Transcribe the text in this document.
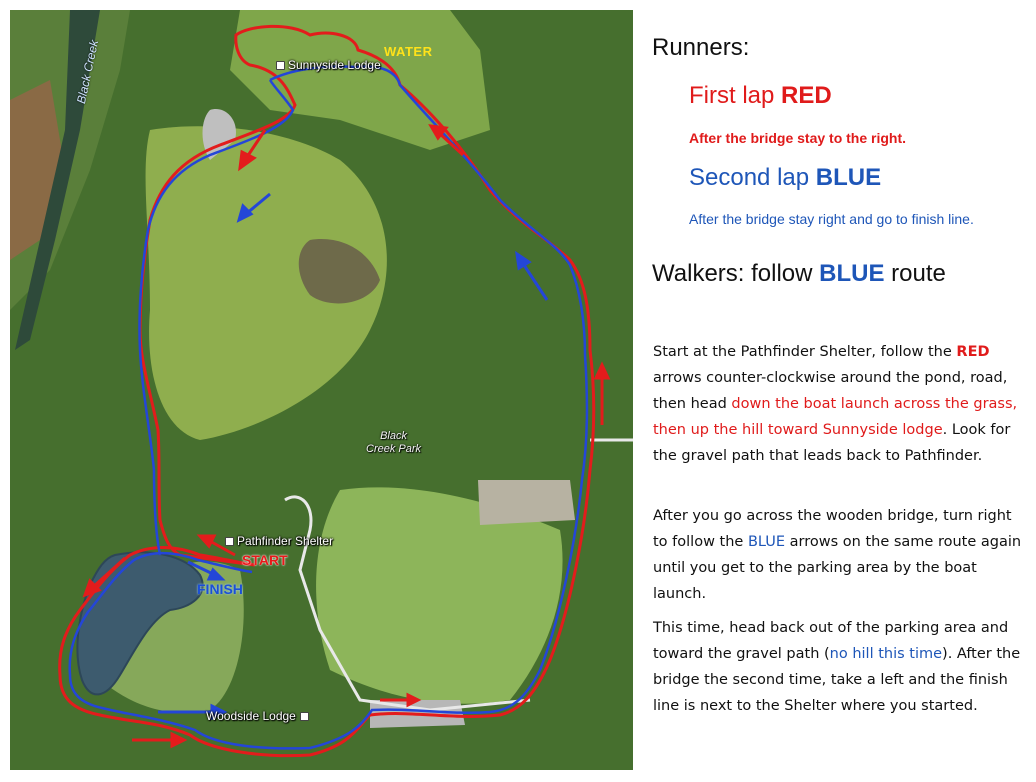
Black Creek	WATER
Sunnyside Lodge
Black
Creek Park
Pathfinder Shelter
START
FINISH
Woodside Lodge
Runners:
First lap RED
After the bridge stay to the right.
Second lap BLUE
After the bridge stay right and go to finish line.
Walkers: follow BLUE route
Start at the Pathfinder Shelter, follow the RED arrows counter-clockwise around the pond, road, then head down the boat launch across the grass, then up the hill toward Sunnyside lodge. Look for the gravel path that leads back to Pathfinder.
After you go across the wooden bridge, turn right to follow the BLUE arrows on the same route again until you get to the parking area by the boat launch.
This time, head back out of the parking area and toward the gravel path (no hill this time). After the bridge the second time, take a left and the finish line is next to the Shelter where you started.
